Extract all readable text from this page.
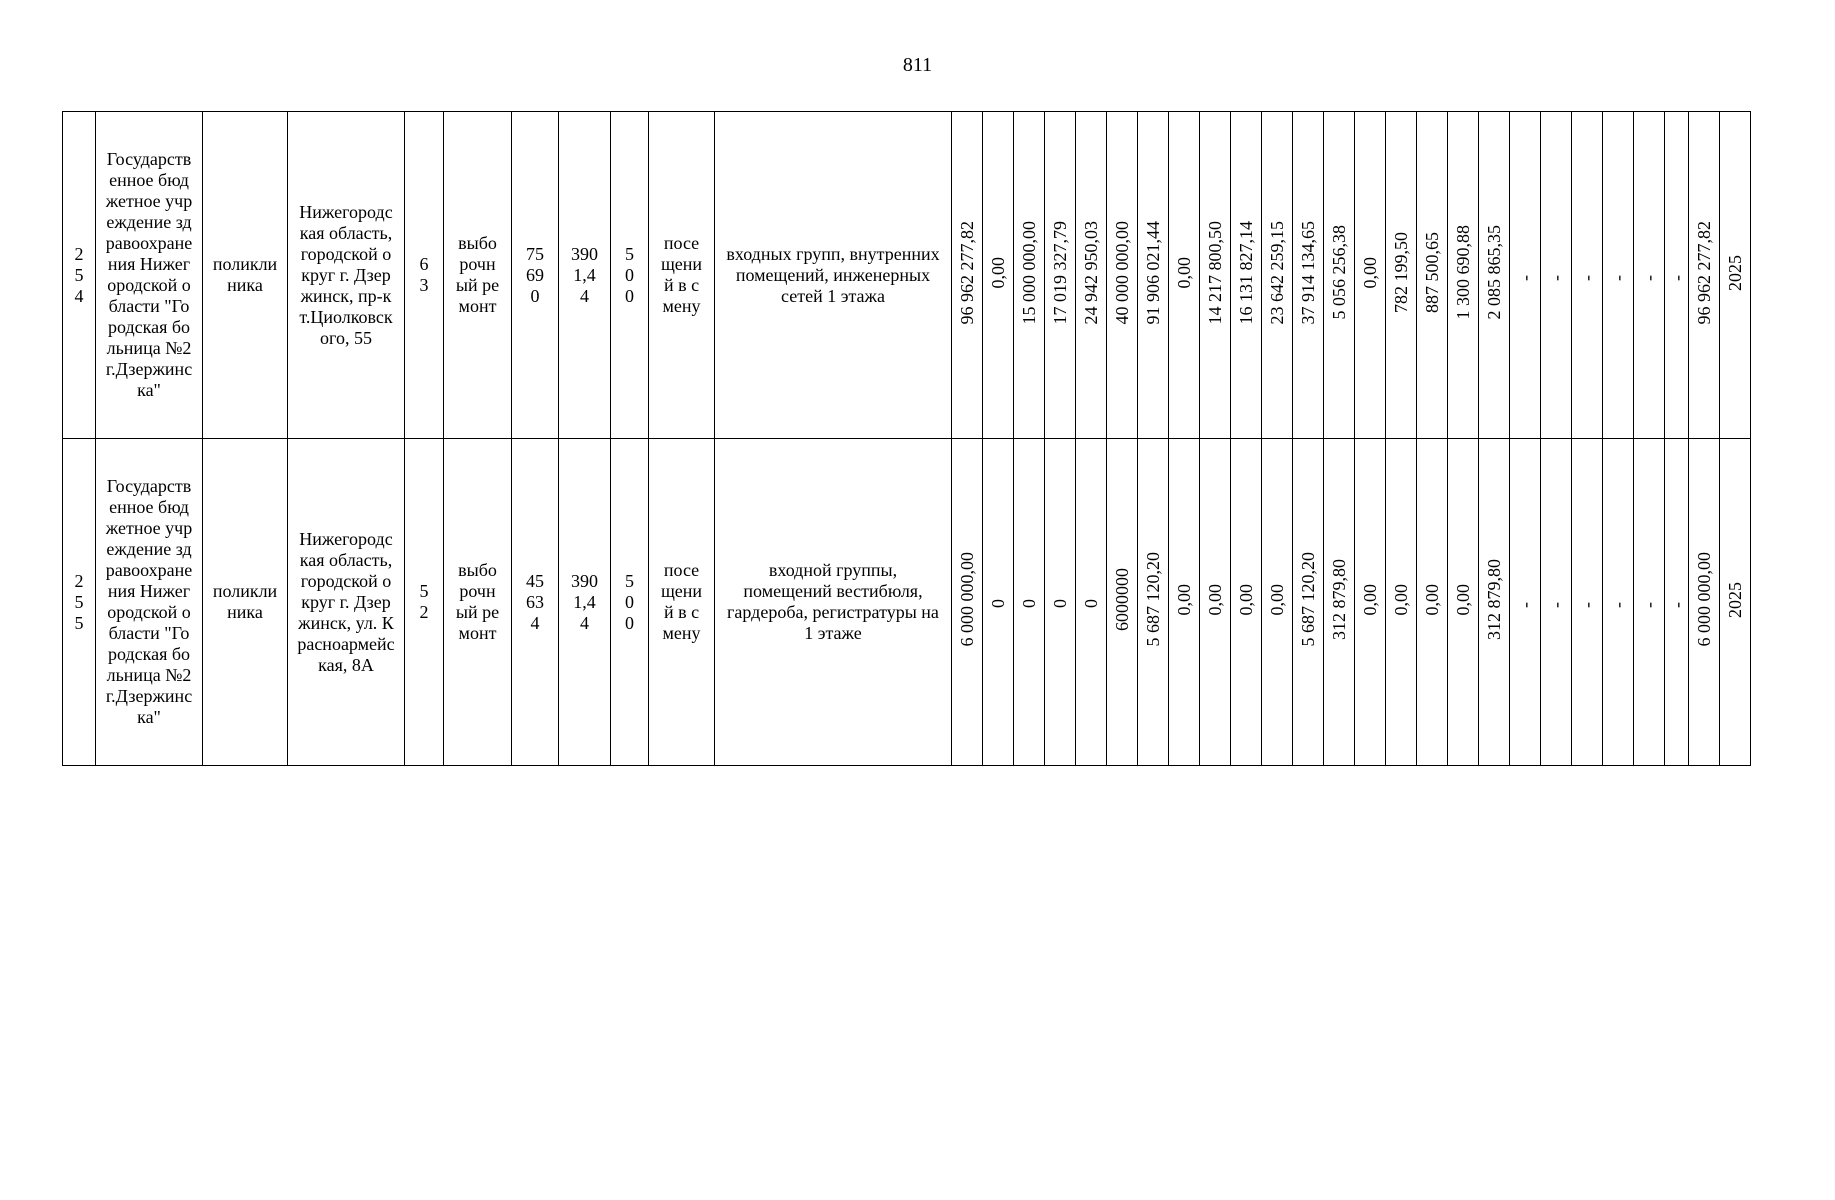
811
254	Государственное бюджетное учреждение здравоохранения Нижегородской области "Городская больница №2 г.Дзержинска"	поликлиника	Нижегородская область, городской округ г. Дзержинск, пр-кт.Циолковского, 55	63	выборочный ремонт	75690	3901,44	500	посещений в смену	входных групп, внутренних помещений, инженерных сетей 1 этажа	96 962 277,82	0,00	15 000 000,00	17 019 327,79	24 942 950,03	40 000 000,00	91 906 021,44	0,00	14 217 800,50	16 131 827,14	23 642 259,15	37 914 134,65	5 056 256,38	0,00	782 199,50	887 500,65	1 300 690,88	2 085 865,35	-	-	-	-	-	-	96 962 277,82	2025

255	Государственное бюджетное учреждение здравоохранения Нижегородской области "Городская больница №2 г.Дзержинска"	поликлиника	Нижегородская область, городской округ г. Дзержинск, ул. Красноармейская, 8А	52	выборочный ремонт	45634	3901,44	500	посещений в смену	входной группы, помещений вестибюля, гардероба, регистратуры на 1 этаже	6 000 000,00	0	0	0	0	6000000	5 687 120,20	0,00	0,00	0,00	0,00	5 687 120,20	312 879,80	0,00	0,00	0,00	0,00	312 879,80	-	-	-	-	-	-	6 000 000,00	2025
